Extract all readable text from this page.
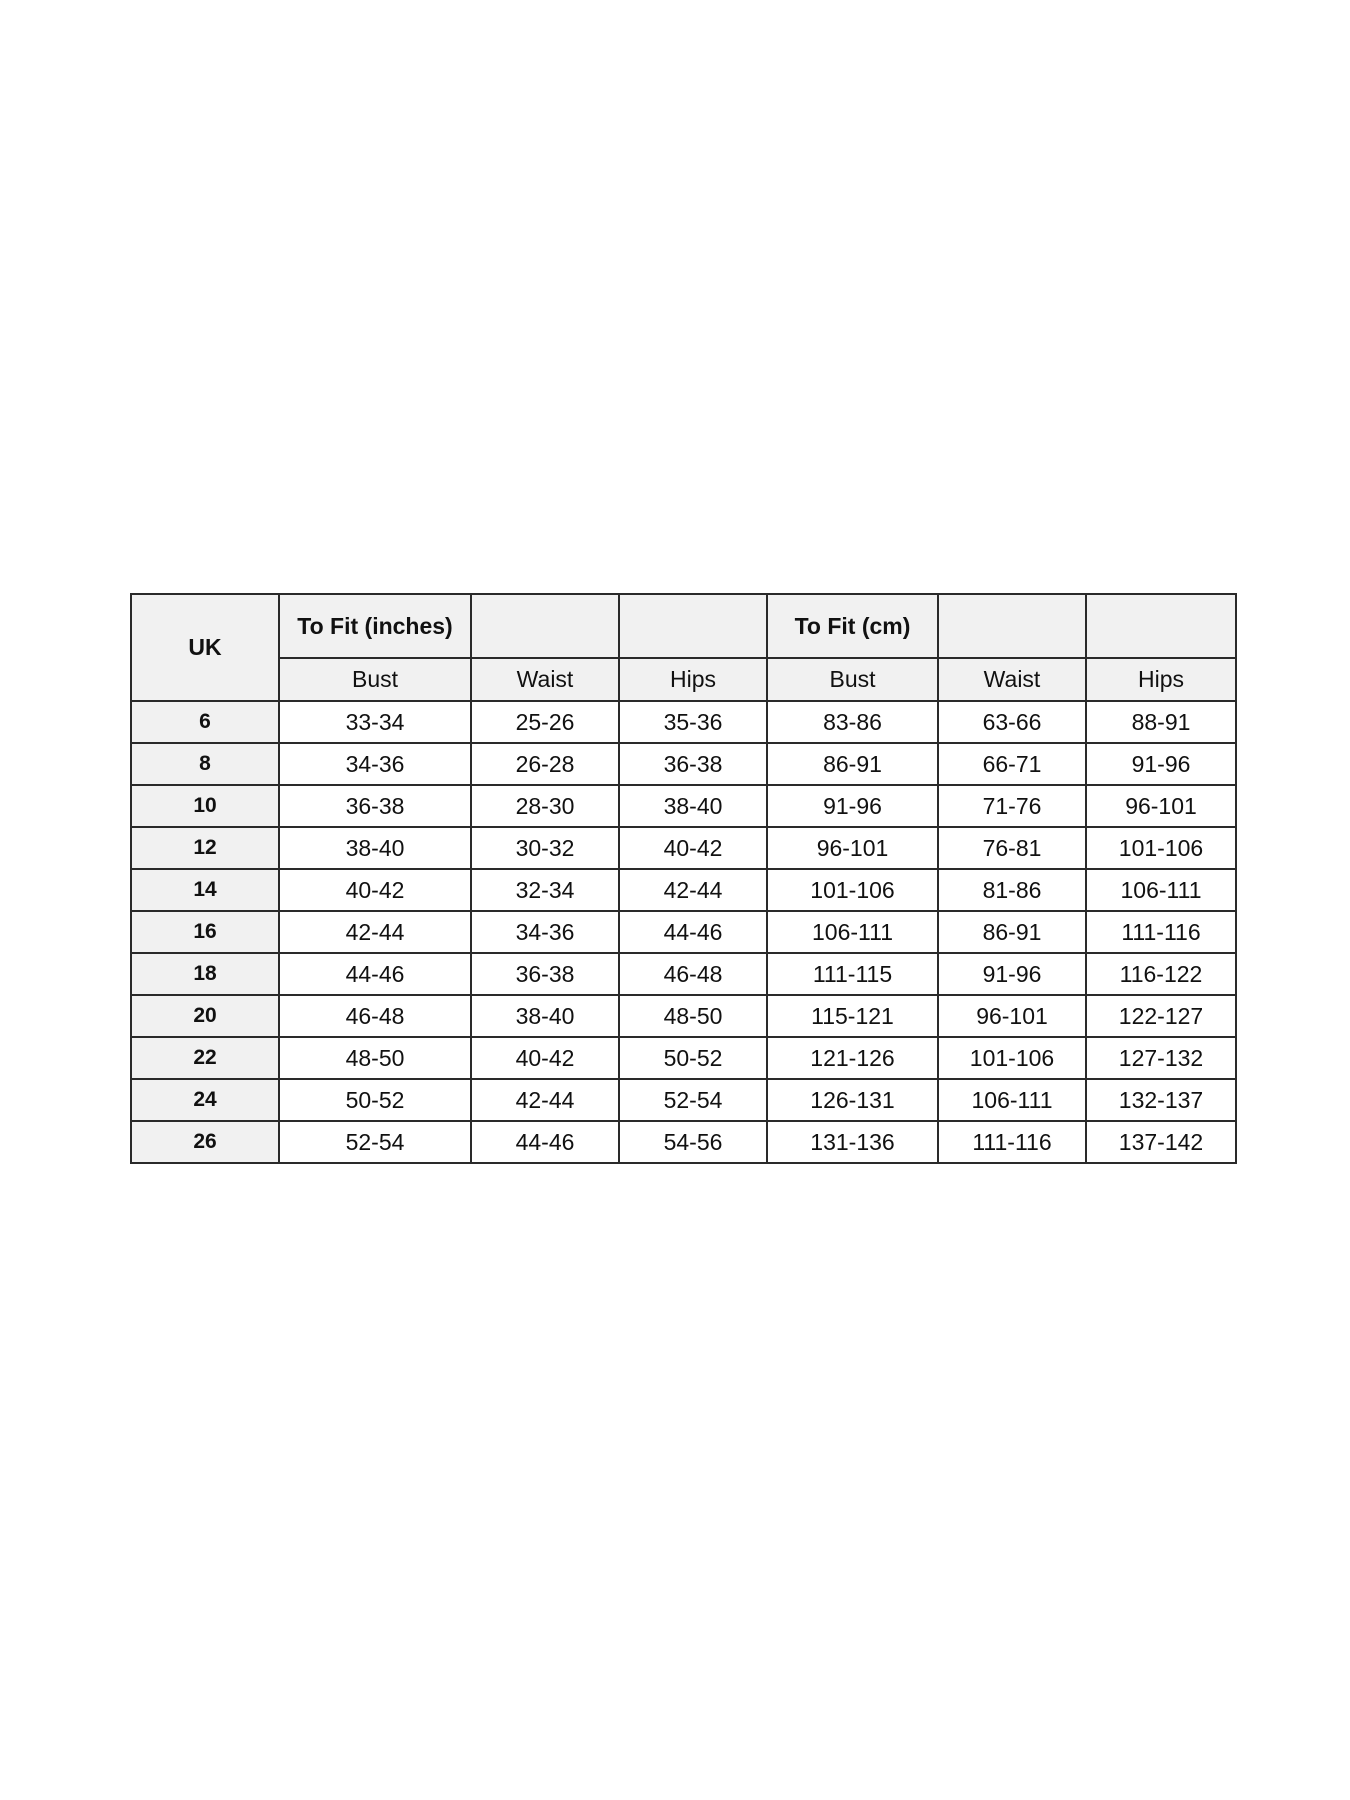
UK	To Fit (inches)			To Fit (cm)		
	Bust	Waist	Hips	Bust	Waist	Hips
6	33-34	25-26	35-36	83-86	63-66	88-91
8	34-36	26-28	36-38	86-91	66-71	91-96
10	36-38	28-30	38-40	91-96	71-76	96-101
12	38-40	30-32	40-42	96-101	76-81	101-106
14	40-42	32-34	42-44	101-106	81-86	106-111
16	42-44	34-36	44-46	106-111	86-91	111-116
18	44-46	36-38	46-48	111-115	91-96	116-122
20	46-48	38-40	48-50	115-121	96-101	122-127
22	48-50	40-42	50-52	121-126	101-106	127-132
24	50-52	42-44	52-54	126-131	106-111	132-137
26	52-54	44-46	54-56	131-136	111-116	137-142
